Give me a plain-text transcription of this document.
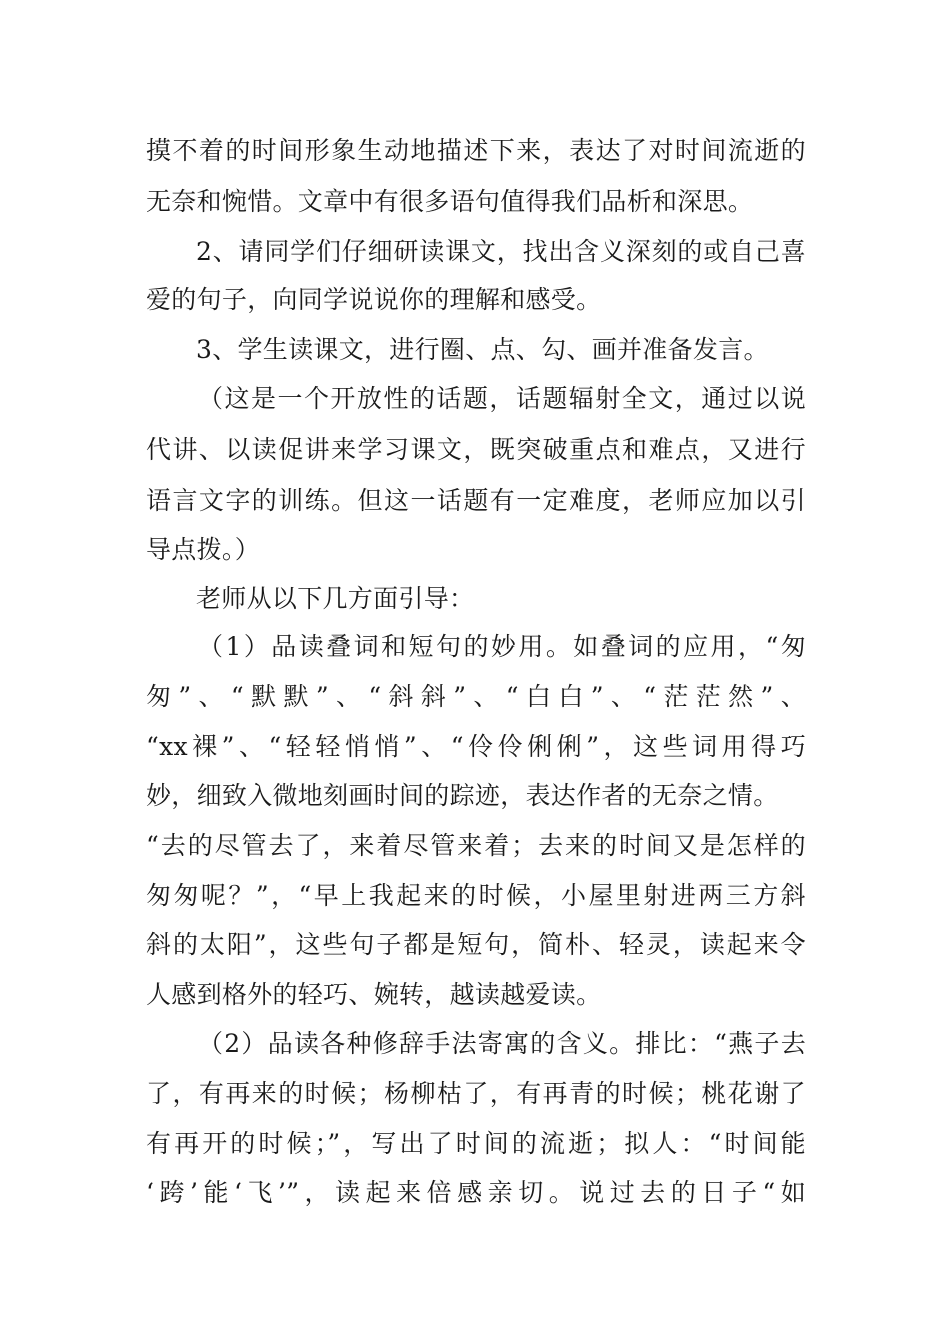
摸不着的时间形象生动地描述下来，表达了对时间流逝的
无奈和惋惜。文章中有很多语句值得我们品析和深思。
2、请同学们仔细研读课文，找出含义深刻的或自己喜
爱的句子，向同学说说你的理解和感受。
3、学生读课文，进行圈、点、勾、画并准备发言。
（这是一个开放性的话题，话题辐射全文，通过以说
代讲、以读促讲来学习课文，既突破重点和难点，又进行
语言文字的训练。但这一话题有一定难度，老师应加以引
导点拨。）
老师从以下几方面引导：
（1）品读叠词和短句的妙用。如叠词的应用，“匆
匆”、“默默”、“斜斜”、“白白”、“茫茫然”、
“xx裸”、“轻轻悄悄”、“伶伶俐俐”，这些词用得巧
妙，细致入微地刻画时间的踪迹，表达作者的无奈之情。
“去的尽管去了，来着尽管来着；去来的时间又是怎样的
匆匆呢？”，“早上我起来的时候，小屋里射进两三方斜
斜的太阳”，这些句子都是短句，简朴、轻灵，读起来令
人感到格外的轻巧、婉转，越读越爱读。
（2）品读各种修辞手法寄寓的含义。排比：“燕子去
了，有再来的时候；杨柳枯了，有再青的时候；桃花谢了
有再开的时候；”，写出了时间的流逝；拟人：“时间能
‘跨’能‘飞’”，读起来倍感亲切。说过去的日子“如
